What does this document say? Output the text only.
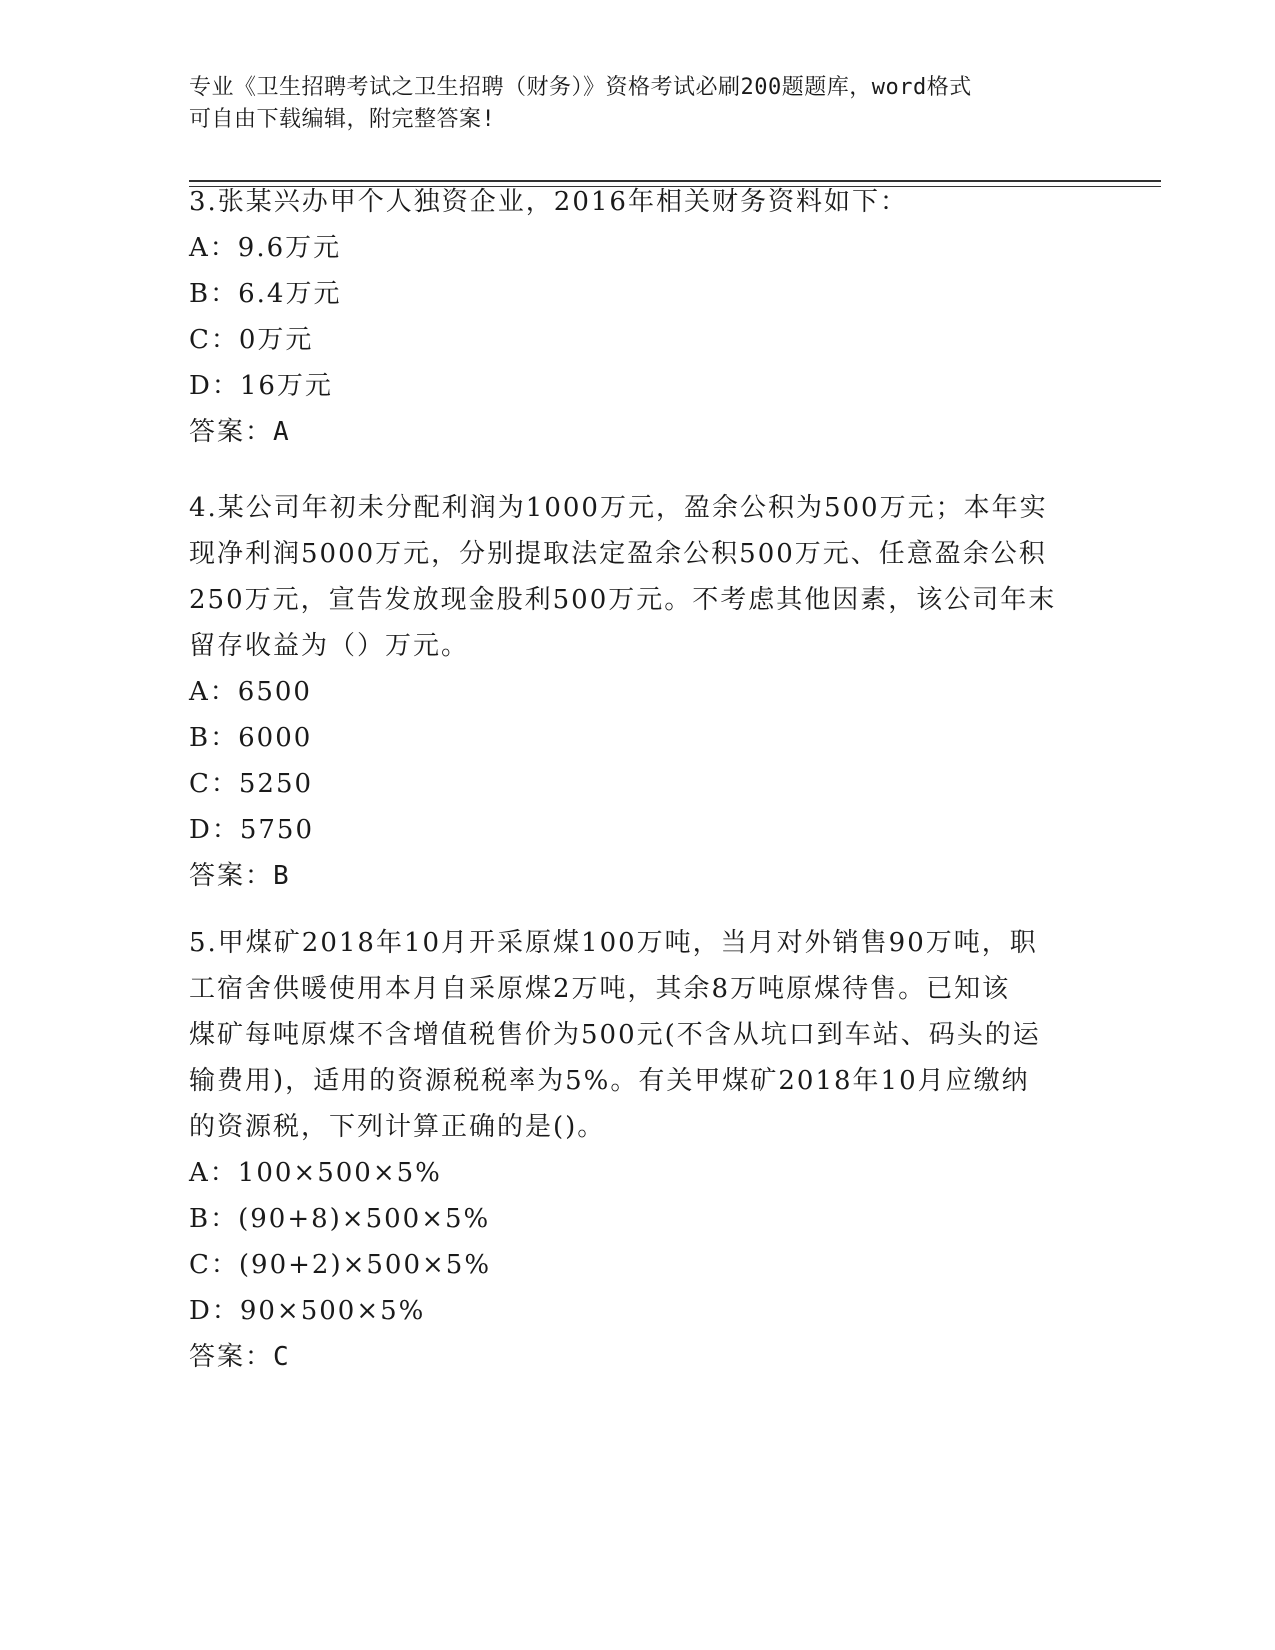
专业《卫生招聘考试之卫生招聘（财务）》资格考试必刷200题题库，word格式
可自由下载编辑，附完整答案!
3.张某兴办甲个人独资企业，2016年相关财务资料如下：
A：9.6万元
B：6.4万元
C：0万元
D：16万元
答案：A
4.某公司年初未分配利润为1000万元，盈余公积为500万元；本年实
现净利润5000万元，分别提取法定盈余公积500万元、任意盈余公积
250万元，宣告发放现金股利500万元。不考虑其他因素，该公司年末
留存收益为（）万元。
A：6500
B：6000
C：5250
D：5750
答案：B
5.甲煤矿2018年10月开采原煤100万吨，当月对外销售90万吨，职
工宿舍供暖使用本月自采原煤2万吨，其余8万吨原煤待售。已知该
煤矿每吨原煤不含增值税售价为500元(不含从坑口到车站、码头的运
输费用)，适用的资源税税率为5%。有关甲煤矿2018年10月应缴纳
的资源税，下列计算正确的是()。
A：100×500×5%
B：(90+8)×500×5%
C：(90+2)×500×5%
D：90×500×5%
答案：C
